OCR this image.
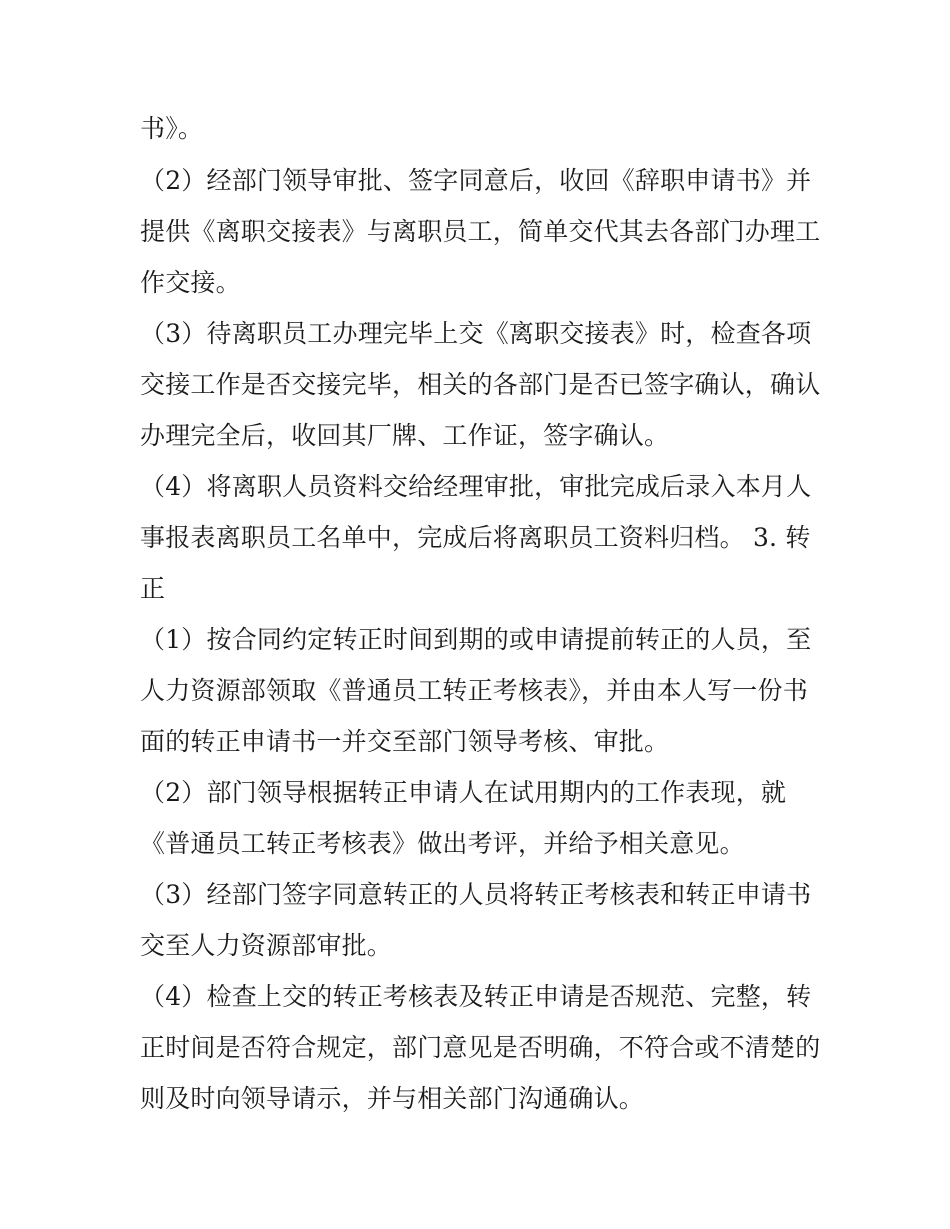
书》。
（2）经部门领导审批、签字同意后，收回《辞职申请书》并
提供《离职交接表》与离职员工，简单交代其去各部门办理工
作交接。
（3）待离职员工办理完毕上交《离职交接表》时，检查各项
交接工作是否交接完毕，相关的各部门是否已签字确认，确认
办理完全后，收回其厂牌、工作证，签字确认。
（4）将离职人员资料交给经理审批，审批完成后录入本月人
事报表离职员工名单中，完成后将离职员工资料归档。 3. 转
正
（1）按合同约定转正时间到期的或申请提前转正的人员，至
人力资源部领取《普通员工转正考核表》，并由本人写一份书
面的转正申请书一并交至部门领导考核、审批。
（2）部门领导根据转正申请人在试用期内的工作表现，就
《普通员工转正考核表》做出考评，并给予相关意见。
（3）经部门签字同意转正的人员将转正考核表和转正申请书
交至人力资源部审批。
（4）检查上交的转正考核表及转正申请是否规范、完整，转
正时间是否符合规定，部门意见是否明确，不符合或不清楚的
则及时向领导请示，并与相关部门沟通确认。
